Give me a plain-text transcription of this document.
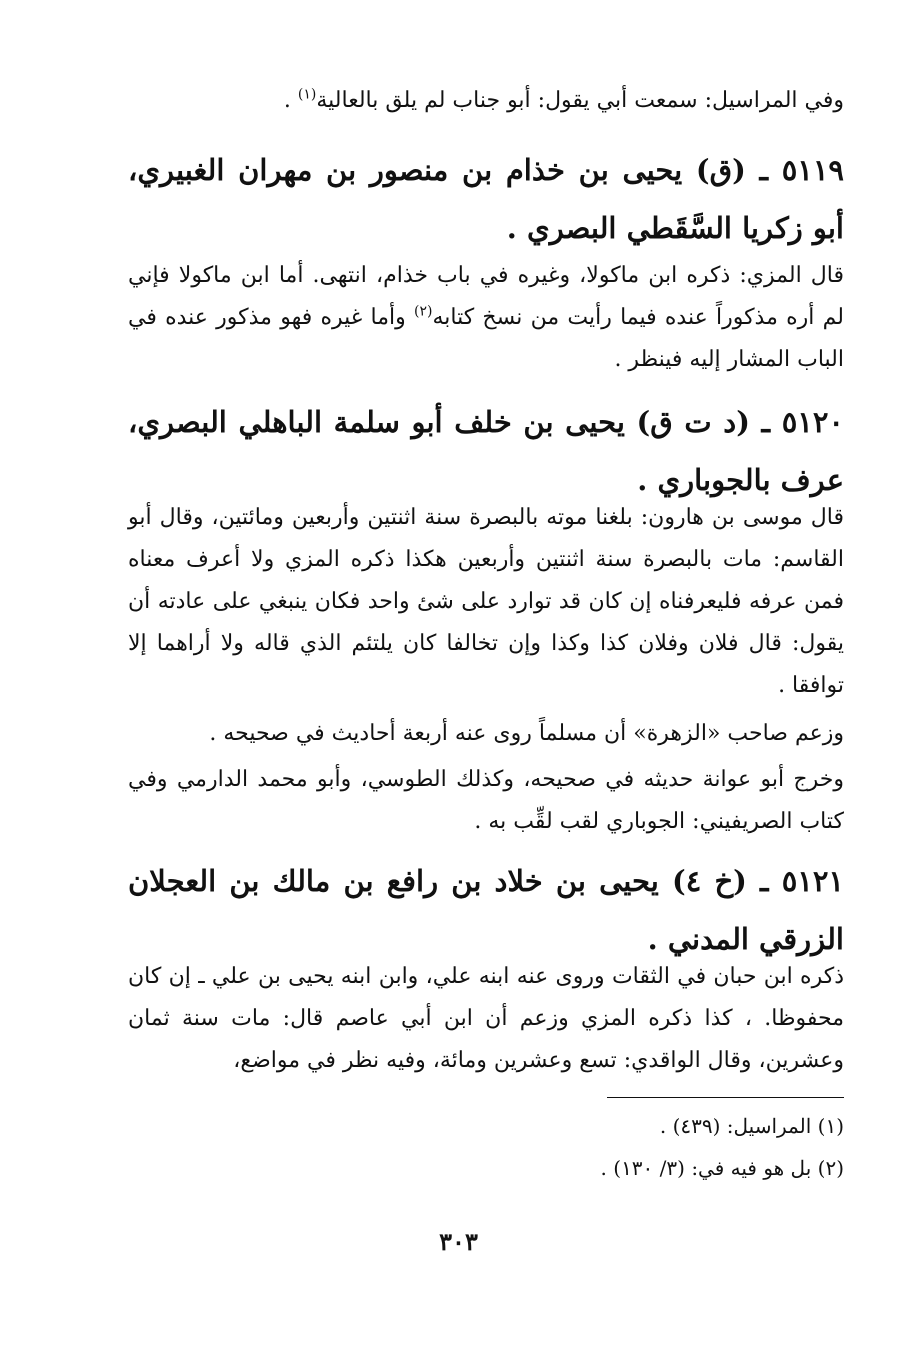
وفي المراسيل: سمعت أبي يقول: أبو جناب لم يلق بالعالية$^{(١)}$ .

٥١١٩ ـ (ق) يحيى بن خذام بن منصور بن مهران الغبيري، أبو زكريا السَّقَطي البصري .

قال المزي: ذكره ابن ماكولا، وغيره في باب خذام، انتهى. أما ابن ماكولا فإني لم أره مذكوراً عنده فيما رأيت من نسخ كتابه$^{(٢)}$ وأما غيره فهو مذكور عنده في الباب المشار إليه فينظر .

٥١٢٠ ـ (د ت ق) يحيى بن خلف أبو سلمة الباهلي البصري، عرف بالجوباري .

قال موسى بن هارون: بلغنا موته بالبصرة سنة اثنتين وأربعين ومائتين، وقال أبو القاسم: مات بالبصرة سنة اثنتين وأربعين هكذا ذكره المزي ولا أعرف معناه فمن عرفه فليعرفناه إن كان قد توارد على شئ واحد فكان ينبغي على عادته أن يقول: قال فلان وفلان كذا وكذا وإن تخالفا كان يلتئم الذي قاله ولا أراهما إلا توافقا .

وزعم صاحب «الزهرة» أن مسلماً روى عنه أربعة أحاديث في صحيحه .

وخرج أبو عوانة حديثه في صحيحه، وكذلك الطوسي، وأبو محمد الدارمي وفي كتاب الصريفيني: الجوباري لقب لقِّب به .

٥١٢١ ـ (خ ٤) يحيى بن خلاد بن رافع بن مالك بن العجلان الزرقي المدني .

ذكره ابن حبان في الثقات وروى عنه ابنه علي، وابن ابنه يحيى بن علي ـ إن كان محفوظا. ، كذا ذكره المزي وزعم أن ابن أبي عاصم قال: مات سنة ثمان وعشرين، وقال الواقدي: تسع وعشرين ومائة، وفيه نظر في مواضع،

(١) المراسيل: (٤٣٩) .

(٢) بل هو فيه في: (٣/ ١٣٠) .

٣٠٣
